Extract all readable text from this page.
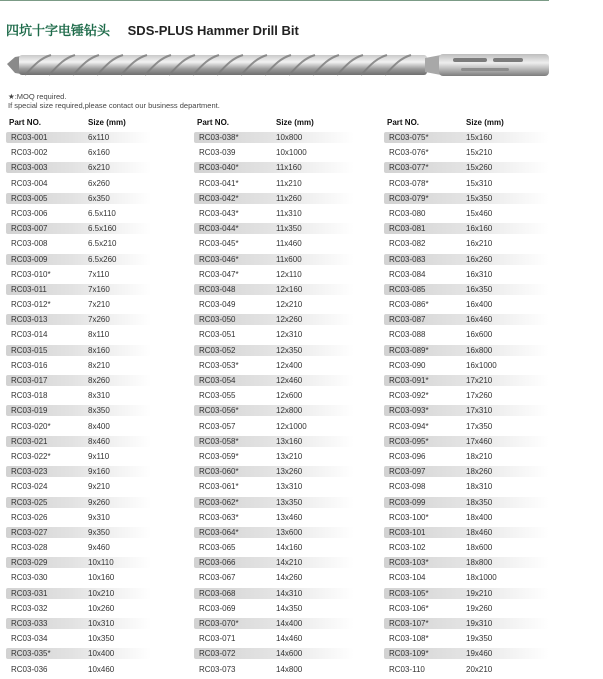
四坑十字电锤钻头 SDS-PLUS Hammer Drill Bit
★:MOQ required.
If special size required,please contact our business department.
Part NO.	Size (mm)
RC03-001	6x110
RC03-002	6x160
RC03-003	6x210
RC03-004	6x260
RC03-005	6x350
RC03-006	6.5x110
RC03-007	6.5x160
RC03-008	6.5x210
RC03-009	6.5x260
RC03-010*	7x110
RC03-011	7x160
RC03-012*	7x210
RC03-013	7x260
RC03-014	8x110
RC03-015	8x160
RC03-016	8x210
RC03-017	8x260
RC03-018	8x310
RC03-019	8x350
RC03-020*	8x400
RC03-021	8x460
RC03-022*	9x110
RC03-023	9x160
RC03-024	9x210
RC03-025	9x260
RC03-026	9x310
RC03-027	9x350
RC03-028	9x460
RC03-029	10x110
RC03-030	10x160
RC03-031	10x210
RC03-032	10x260
RC03-033	10x310
RC03-034	10x350
RC03-035*	10x400
RC03-036	10x460
Part NO.	Size (mm)
RC03-038*	10x800
RC03-039	10x1000
RC03-040*	11x160
RC03-041*	11x210
RC03-042*	11x260
RC03-043*	11x310
RC03-044*	11x350
RC03-045*	11x460
RC03-046*	11x600
RC03-047*	12x110
RC03-048	12x160
RC03-049	12x210
RC03-050	12x260
RC03-051	12x310
RC03-052	12x350
RC03-053*	12x400
RC03-054	12x460
RC03-055	12x600
RC03-056*	12x800
RC03-057	12x1000
RC03-058*	13x160
RC03-059*	13x210
RC03-060*	13x260
RC03-061*	13x310
RC03-062*	13x350
RC03-063*	13x460
RC03-064*	13x600
RC03-065	14x160
RC03-066	14x210
RC03-067	14x260
RC03-068	14x310
RC03-069	14x350
RC03-070*	14x400
RC03-071	14x460
RC03-072	14x600
RC03-073	14x800
Part NO.	Size (mm)
RC03-075*	15x160
RC03-076*	15x210
RC03-077*	15x260
RC03-078*	15x310
RC03-079*	15x350
RC03-080	15x460
RC03-081	16x160
RC03-082	16x210
RC03-083	16x260
RC03-084	16x310
RC03-085	16x350
RC03-086*	16x400
RC03-087	16x460
RC03-088	16x600
RC03-089*	16x800
RC03-090	16x1000
RC03-091*	17x210
RC03-092*	17x260
RC03-093*	17x310
RC03-094*	17x350
RC03-095*	17x460
RC03-096	18x210
RC03-097	18x260
RC03-098	18x310
RC03-099	18x350
RC03-100*	18x400
RC03-101	18x460
RC03-102	18x600
RC03-103*	18x800
RC03-104	18x1000
RC03-105*	19x210
RC03-106*	19x260
RC03-107*	19x310
RC03-108*	19x350
RC03-109*	19x460
RC03-110	20x210
